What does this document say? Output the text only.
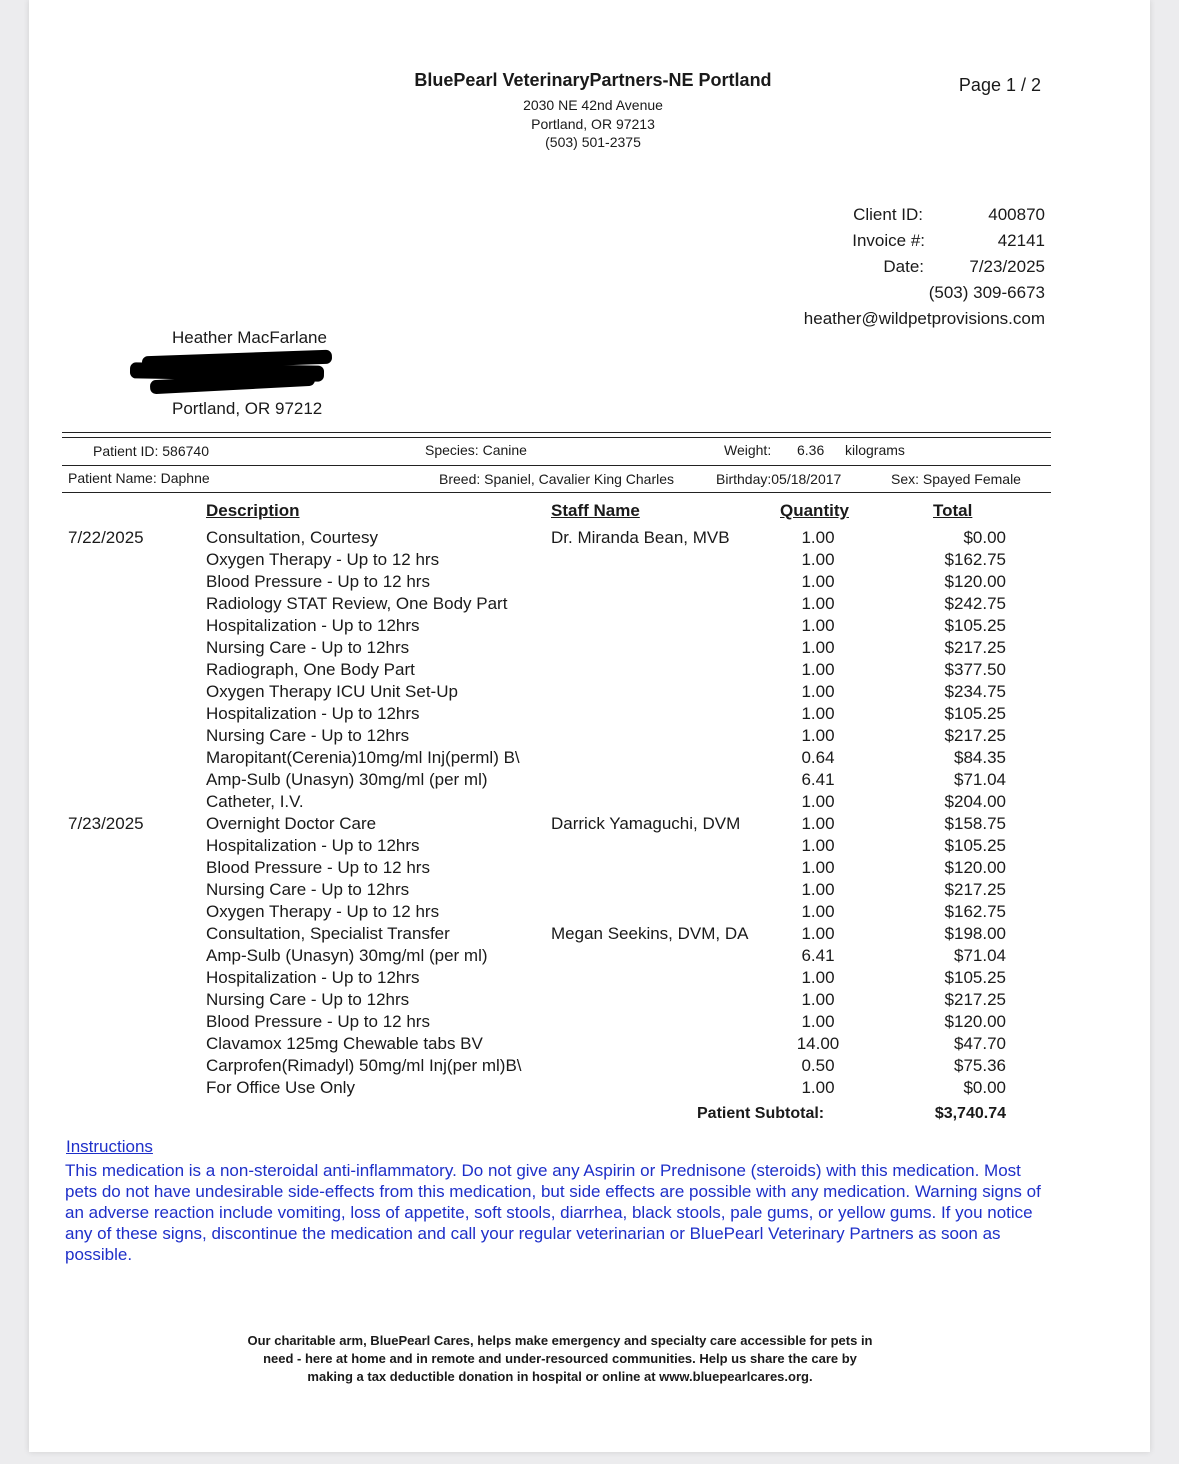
BluePearl VeterinaryPartners-NE Portland
2030 NE 42nd Avenue
Portland, OR 97213
(503) 501-2375
Page 1 / 2
Client ID:	400870
Invoice #:	42141
Date:	7/23/2025
(503) 309-6673
heather@wildpetprovisions.com
Heather MacFarlane
Portland, OR 97212
Patient ID: 586740	Species: Canine	Weight: 6.36 kilograms
Patient Name: Daphne	Breed: Spaniel, Cavalier King Charles	Birthday:05/18/2017	Sex: Spayed Female
Description	Staff Name	Quantity	Total
7/22/2025	Consultation, Courtesy	Dr. Miranda Bean, MVB	1.00	$0.00
Oxygen Therapy - Up to 12 hrs	1.00	$162.75
Blood Pressure - Up to 12 hrs	1.00	$120.00
Radiology STAT Review, One Body Part	1.00	$242.75
Hospitalization - Up to 12hrs	1.00	$105.25
Nursing Care - Up to 12hrs	1.00	$217.25
Radiograph, One Body Part	1.00	$377.50
Oxygen Therapy ICU Unit Set-Up	1.00	$234.75
Hospitalization - Up to 12hrs	1.00	$105.25
Nursing Care - Up to 12hrs	1.00	$217.25
Maropitant(Cerenia)10mg/ml Inj(perml) B\	0.64	$84.35
Amp-Sulb (Unasyn) 30mg/ml (per ml)	6.41	$71.04
Catheter, I.V.	1.00	$204.00
7/23/2025	Overnight Doctor Care	Darrick Yamaguchi, DVM	1.00	$158.75
Hospitalization - Up to 12hrs	1.00	$105.25
Blood Pressure - Up to 12 hrs	1.00	$120.00
Nursing Care - Up to 12hrs	1.00	$217.25
Oxygen Therapy - Up to 12 hrs	1.00	$162.75
Consultation, Specialist Transfer	Megan Seekins, DVM, DA	1.00	$198.00
Amp-Sulb (Unasyn) 30mg/ml (per ml)	6.41	$71.04
Hospitalization - Up to 12hrs	1.00	$105.25
Nursing Care - Up to 12hrs	1.00	$217.25
Blood Pressure - Up to 12 hrs	1.00	$120.00
Clavamox 125mg Chewable tabs BV	14.00	$47.70
Carprofen(Rimadyl) 50mg/ml Inj(per ml)B\	0.50	$75.36
For Office Use Only	1.00	$0.00
Patient Subtotal:	$3,740.74
Instructions
This medication is a non-steroidal anti-inflammatory. Do not give any Aspirin or Prednisone (steroids) with this medication. Most pets do not have undesirable side-effects from this medication, but side effects are possible with any medication. Warning signs of an adverse reaction include vomiting, loss of appetite, soft stools, diarrhea, black stools, pale gums, or yellow gums. If you notice any of these signs, discontinue the medication and call your regular veterinarian or BluePearl Veterinary Partners as soon as possible.
Our charitable arm, BluePearl Cares, helps make emergency and specialty care accessible for pets in need - here at home and in remote and under-resourced communities. Help us share the care by making a tax deductible donation in hospital or online at www.bluepearlcares.org.
